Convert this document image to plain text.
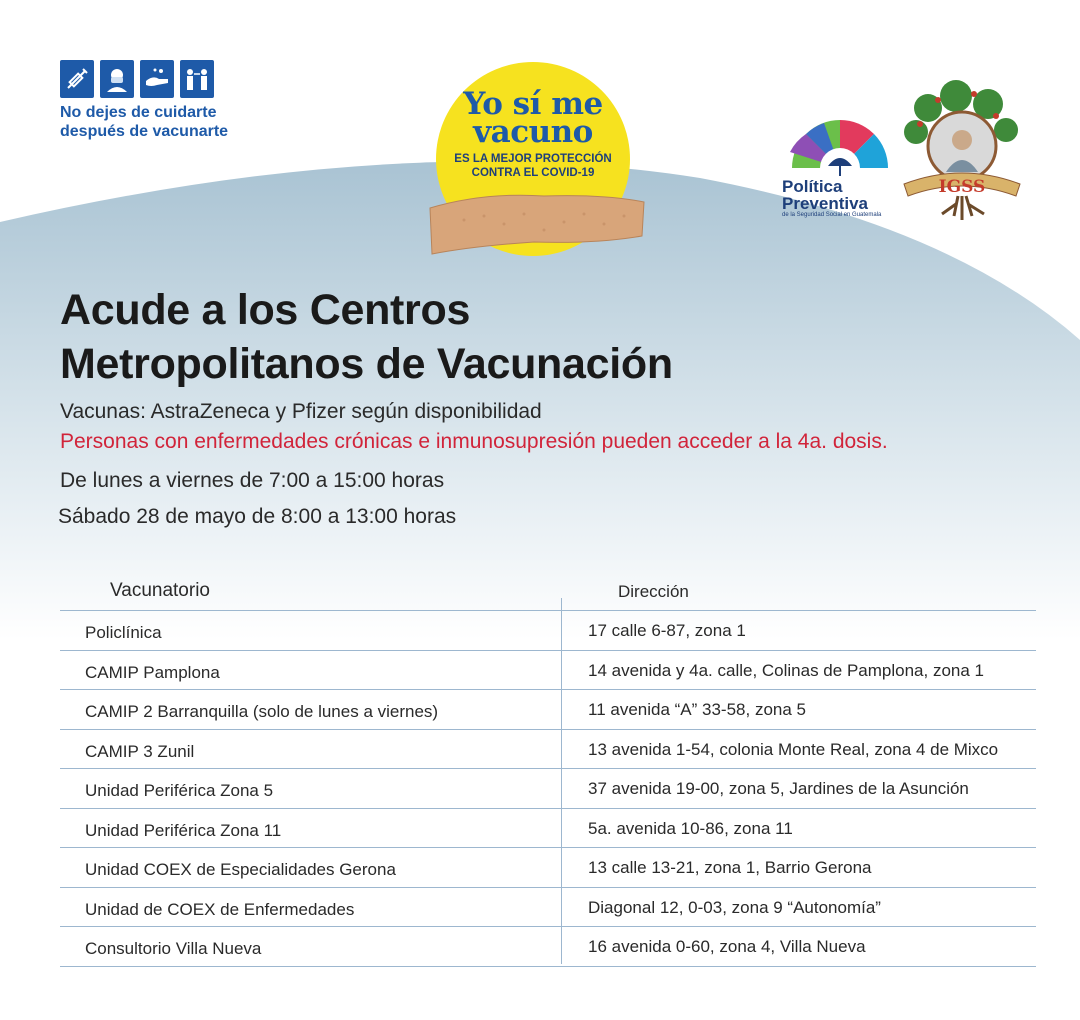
No dejes de cuidarte
después de vacunarte
Yo sí me
vacuno
ES LA MEJOR PROTECCIÓN
CONTRA EL COVID-19
Política
Preventiva
de la Seguridad Social en Guatemala
IGSS
Acude a los Centros
Metropolitanos de Vacunación
Vacunas: AstraZeneca y Pfizer según disponibilidad
Personas con enfermedades crónicas e inmunosupresión pueden acceder a la 4a. dosis.
De lunes a viernes de 7:00 a 15:00 horas
Sábado 28 de mayo de 8:00 a 13:00 horas
Vacunatorio	Dirección
Policlínica	17 calle 6-87, zona 1
CAMIP Pamplona	14 avenida y 4a. calle, Colinas de Pamplona, zona 1
CAMIP 2 Barranquilla (solo de lunes a viernes)	11 avenida “A” 33-58, zona 5
CAMIP 3 Zunil	13 avenida 1-54, colonia Monte Real, zona 4 de Mixco
Unidad Periférica Zona 5	37 avenida 19-00, zona 5, Jardines de la Asunción
Unidad Periférica Zona 11	5a. avenida 10-86, zona 11
Unidad COEX de Especialidades Gerona	13 calle 13-21, zona 1, Barrio Gerona
Unidad de COEX de Enfermedades	Diagonal 12, 0-03, zona 9 “Autonomía”
Consultorio Villa Nueva	16 avenida 0-60, zona 4, Villa Nueva
